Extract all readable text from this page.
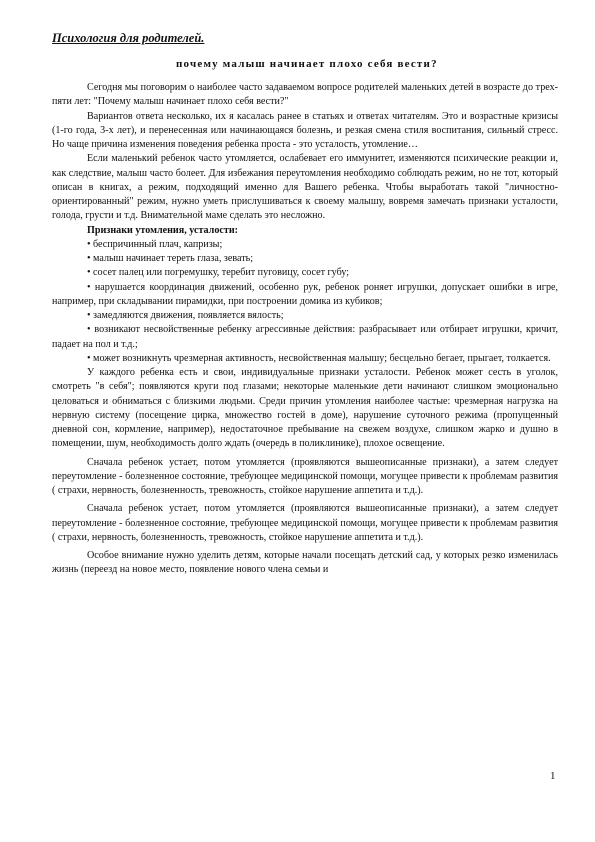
Психология для родителей.
почему малыш начинает плохо себя вести?

Сегодня мы поговорим о наиболее часто задаваемом вопросе родителей маленьких детей в возрасте до трех-пяти лет: "Почему малыш начинает плохо себя вести?"

Вариантов ответа несколько, их я касалась ранее в статьях и ответах читателям. Это и возрастные кризисы (1-го года, 3-х лет), и перенесенная или начинающаяся болезнь, и резкая смена стиля воспитания, сильный стресс. Но чаще причина изменения поведения ребенка проста - это усталость, утомление…

Если маленький ребенок часто утомляется, ослабевает его иммунитет, изменяются психические реакции и, как следствие, малыш часто болеет. Для избежания переутомления необходимо соблюдать режим, но не тот, который описан в книгах, а режим, подходящий именно для Вашего ребенка. Чтобы выработать такой "личностно-ориентированный" режим, нужно уметь прислушиваться к своему малышу, вовремя замечать признаки усталости, голода, грусти и т.д. Внимательной маме сделать это несложно.

Признаки утомления, усталости:

• беспричинный плач, капризы;

• малыш начинает тереть глаза, зевать;

• сосет палец или погремушку, теребит пуговицу, сосет губу;

• нарушается координация движений, особенно рук, ребенок роняет игрушки, допускает ошибки в игре, например, при складывании пирамидки, при построении домика из кубиков;

• замедляются движения, появляется вялость;

• возникают несвойственные ребенку агрессивные действия: разбрасывает или отбирает игрушки, кричит, падает на пол и т.д.;

• может возникнуть чрезмерная активность, несвойственная малышу; бесцельно бегает, прыгает, толкается.

У каждого ребенка есть и свои, индивидуальные признаки усталости. Ребенок может сесть в уголок, смотреть "в себя"; появляются круги под глазами; некоторые маленькие дети начинают слишком эмоционально целоваться и обниматься с близкими людьми. Среди причин утомления наиболее частые: чрезмерная нагрузка на нервную систему (посещение цирка, множество гостей в доме), нарушение суточного режима (пропущенный дневной сон, кормление, например), недостаточное пребывание на свежем воздухе, слишком жарко и душно в помещении, шум, необходимость долго ждать (очередь в поликлинике), плохое освещение.

Сначала ребенок устает, потом утомляется (проявляются вышеописанные признаки), а затем следует переутомление - болезненное состояние, требующее медицинской помощи, могущее привести к проблемам развития ( страхи, нервность, болезненность, тревожность, стойкое нарушение аппетита и т.д.).

Сначала ребенок устает, потом утомляется (проявляются вышеописанные признаки), а затем следует переутомление - болезненное состояние, требующее медицинской помощи, могущее привести к проблемам развития ( страхи, нервность, болезненность, тревожность, стойкое нарушение аппетита и т.д.).

Особое внимание нужно уделить детям, которые начали посещать детский сад, у которых резко изменилась жизнь (переезд на новое место, появление нового члена семьи и

1
